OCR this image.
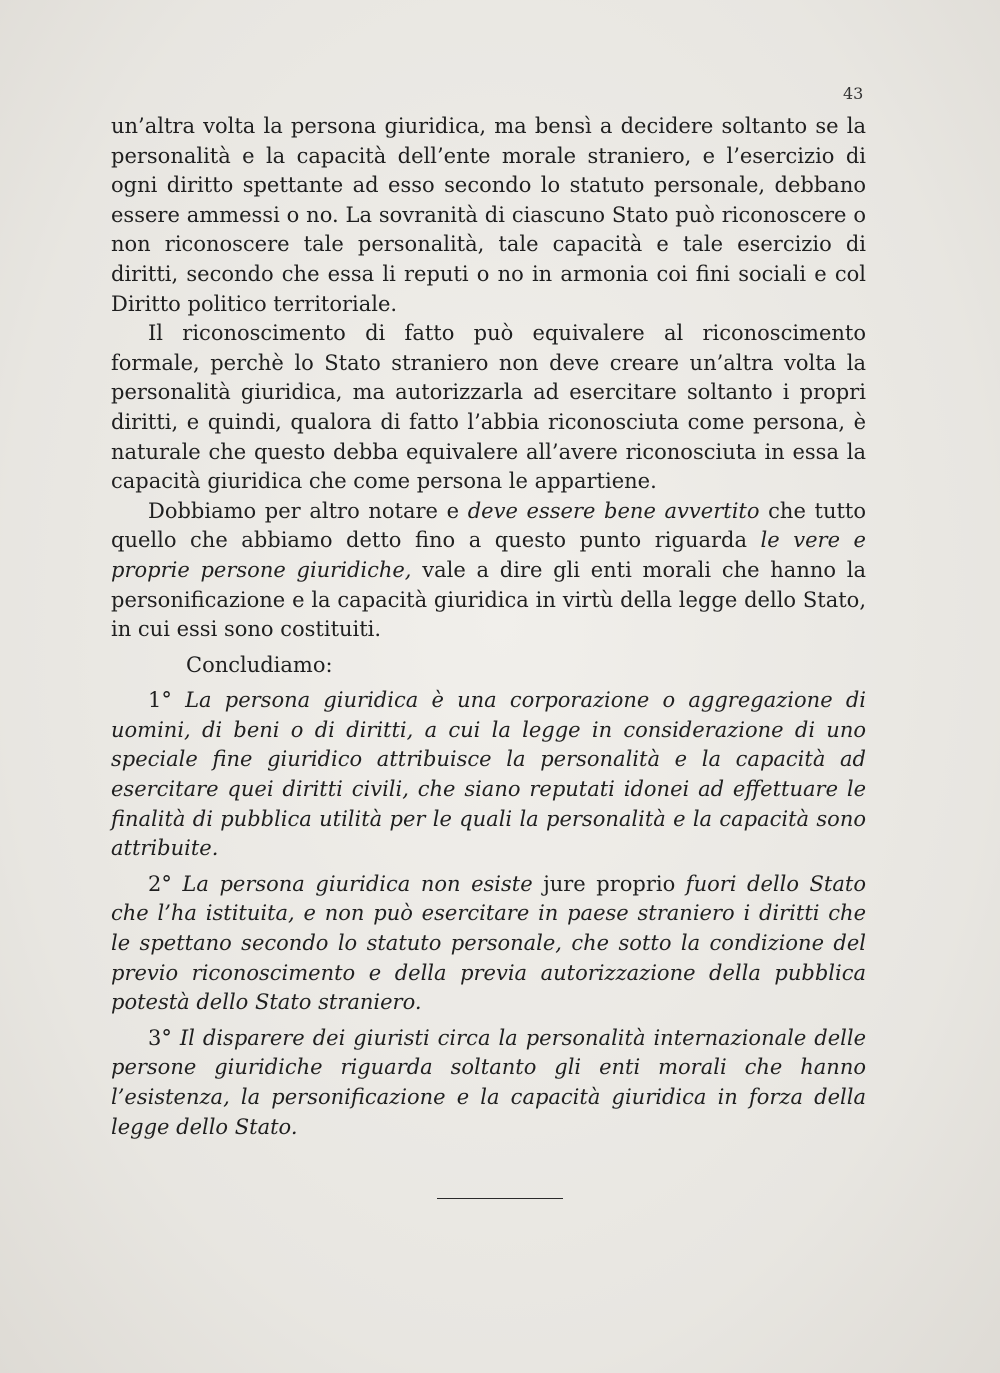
43

un’altra volta la persona giuridica, ma bensì a decidere soltanto se la personalità e la capacità dell’ente morale straniero, e l’esercizio di ogni diritto spettante ad esso secondo lo statuto personale, debbano essere ammessi o no. La sovranità di ciascuno Stato può riconoscere o non riconoscere tale personalità, tale capacità e tale esercizio di diritti, secondo che essa li reputi o no in armonia coi fini sociali e col Diritto politico territoriale.

Il riconoscimento di fatto può equivalere al riconoscimento formale, perchè lo Stato straniero non deve creare un’altra volta la personalità giuridica, ma autorizzarla ad esercitare soltanto i propri diritti, e quindi, qualora di fatto l’abbia riconosciuta come persona, è naturale che questo debba equivalere all’avere riconosciuta in essa la capacità giuridica che come persona le appartiene.

Dobbiamo per altro notare e deve essere bene avvertito che tutto quello che abbiamo detto fino a questo punto riguarda le vere e proprie persone giuridiche, vale a dire gli enti morali che hanno la personificazione e la capacità giuridica in virtù della legge dello Stato, in cui essi sono costituiti.

Concludiamo:

1° La persona giuridica è una corporazione o aggregazione di uomini, di beni o di diritti, a cui la legge in considerazione di uno speciale fine giuridico attribuisce la personalità e la capacità ad esercitare quei diritti civili, che siano reputati idonei ad effettuare le finalità di pubblica utilità per le quali la personalità e la capacità sono attribuite.

2° La persona giuridica non esiste jure proprio fuori dello Stato che l’ha istituita, e non può esercitare in paese straniero i diritti che le spettano secondo lo statuto personale, che sotto la condizione del previo riconoscimento e della previa autorizzazione della pubblica potestà dello Stato straniero.

3° Il disparere dei giuristi circa la personalità internazionale delle persone giuridiche riguarda soltanto gli enti morali che hanno l’esistenza, la personificazione e la capacità giuridica in forza della legge dello Stato.
